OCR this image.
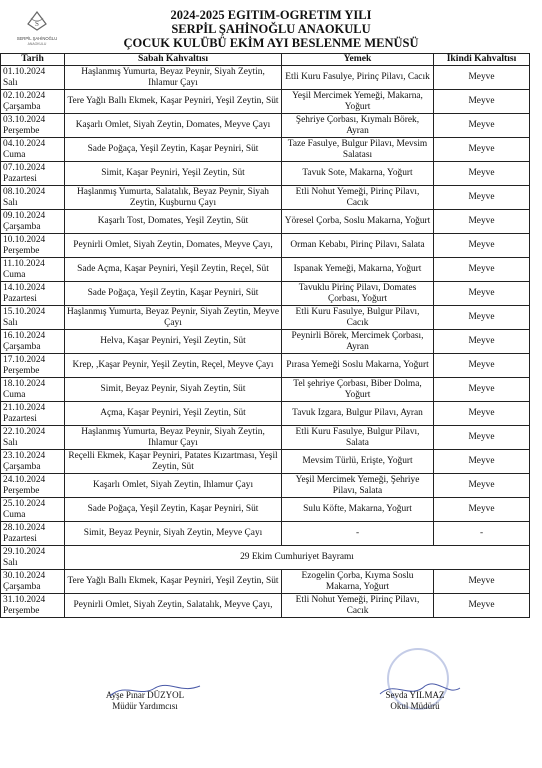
S
SERPİL ŞAHİNOĞLU
ANAOKULU
2024-2025 EGITIM-OGRETIM YILI
SERPİL ŞAHİNOĞLU ANAOKULU
ÇOCUK KULÜBÜ EKİM AYI BESLENME MENÜSÜ
Tarih	Sabah Kahvaltısı	Yemek	İkindi Kahvaltısı

01.10.2024
Salı	Haşlanmış Yumurta, Beyaz Peynir, Siyah Zeytin, Ihlamur Çayı	Etli Kuru Fasulye, Pirinç Pilavı, Cacık	Meyve

02.10.2024
Çarşamba	Tere Yağlı Ballı Ekmek, Kaşar Peyniri, Yeşil Zeytin, Süt	Yeşil Mercimek Yemeği, Makarna, Yoğurt	Meyve

03.10.2024
Perşembe	Kaşarlı Omlet, Siyah Zeytin, Domates, Meyve Çayı	Şehriye Çorbası, Kıymalı Börek, Ayran	Meyve

04.10.2024
Cuma	Sade Poğaça, Yeşil Zeytin, Kaşar Peyniri, Süt	Taze Fasulye, Bulgur Pilavı, Mevsim Salatası	Meyve

07.10.2024
Pazartesi	Simit, Kaşar Peyniri, Yeşil Zeytin, Süt	Tavuk Sote, Makarna, Yoğurt	Meyve

08.10.2024
Salı	Haşlanmış Yumurta, Salatalık, Beyaz Peynir, Siyah Zeytin, Kuşburnu Çayı	Etli Nohut Yemeği, Pirinç Pilavı, Cacık	Meyve

09.10.2024
Çarşamba	Kaşarlı Tost, Domates, Yeşil Zeytin, Süt	Yöresel Çorba, Soslu Makarna, Yoğurt	Meyve

10.10.2024
Perşembe	Peynirli Omlet, Siyah Zeytin, Domates, Meyve Çayı,	Orman Kebabı, Pirinç Pilavı, Salata	Meyve

11.10.2024
Cuma	Sade Açma, Kaşar Peyniri, Yeşil Zeytin, Reçel, Süt	Ispanak Yemeği, Makarna, Yoğurt	Meyve

14.10.2024
Pazartesi	Sade Poğaça, Yeşil Zeytin, Kaşar Peyniri, Süt	Tavuklu Pirinç Pilavı, Domates Çorbası, Yoğurt	Meyve

15.10.2024
Salı	Haşlanmış Yumurta, Beyaz Peynir, Siyah Zeytin, Meyve Çayı	Etli Kuru Fasulye, Bulgur Pilavı, Cacık	Meyve

16.10.2024
Çarşamba	Helva, Kaşar Peyniri, Yeşil Zeytin, Süt	Peynirli Börek, Mercimek Çorbası, Ayran	Meyve

17.10.2024
Perşembe	Krep, ,Kaşar Peynir, Yeşil Zeytin, Reçel, Meyve Çayı	Pırasa Yemeği Soslu Makarna, Yoğurt	Meyve

18.10.2024
Cuma	Simit, Beyaz Peynir, Siyah Zeytin, Süt	Tel şehriye Çorbası, Biber Dolma, Yoğurt	Meyve

21.10.2024
Pazartesi	Açma, Kaşar Peyniri, Yeşil Zeytin, Süt	Tavuk Izgara, Bulgur Pilavı, Ayran	Meyve

22.10.2024
Salı	Haşlanmış Yumurta, Beyaz Peynir, Siyah Zeytin, Ihlamur Çayı	Etli Kuru Fasulye, Bulgur Pilavı, Salata	Meyve

23.10.2024
Çarşamba	Reçelli Ekmek, Kaşar Peyniri, Patates Kızartması, Yeşil Zeytin, Süt	Mevsim Türlü, Erişte, Yoğurt	Meyve

24.10.2024
Perşembe	Kaşarlı Omlet, Siyah Zeytin, Ihlamur Çayı	Yeşil Mercimek Yemeği, Şehriye Pilavı, Salata	Meyve

25.10.2024
Cuma	Sade Poğaça, Yeşil Zeytin, Kaşar Peyniri, Süt	Sulu Köfte, Makarna, Yoğurt	Meyve

28.10.2024
Pazartesi	Simit, Beyaz Peynir, Siyah Zeytin, Meyve Çayı	-	-

29.10.2024
Salı	29 Ekim Cumhuriyet Bayramı		

30.10.2024
Çarşamba	Tere Yağlı Ballı Ekmek, Kaşar Peyniri, Yeşil Zeytin, Süt	Ezogelin Çorba, Kıyma Soslu Makarna, Yoğurt	Meyve

31.10.2024
Perşembe	Peynirli Omlet, Siyah Zeytin, Salatalık, Meyve Çayı,	Etli Nohut Yemeği, Pirinç Pilavı, Cacık	Meyve
Ayşe Pınar DÜZYOL
Müdür Yardımcısı
Sevda YILMAZ
Okul Müdürü
